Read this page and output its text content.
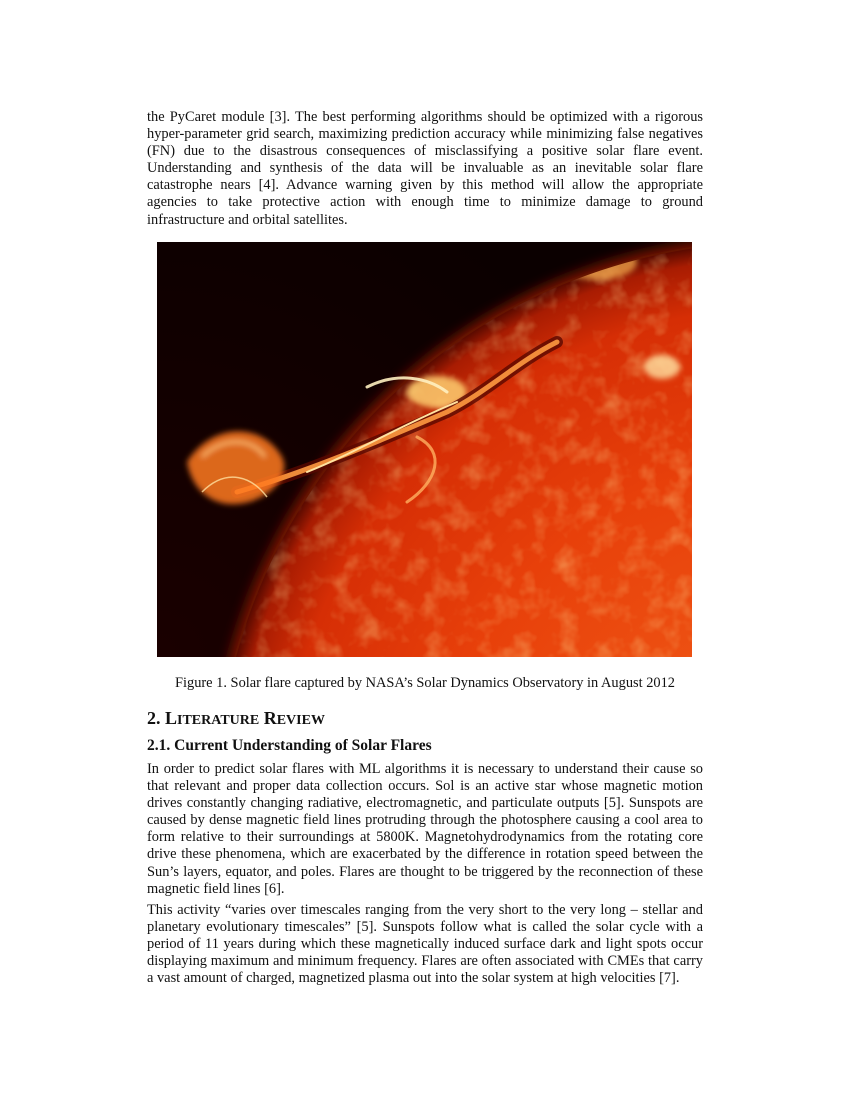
the PyCaret module [3]. The best performing algorithms should be optimized with a rigorous hyper-parameter grid search, maximizing prediction accuracy while minimizing false negatives (FN) due to the disastrous consequences of misclassifying a positive solar flare event. Understanding and synthesis of the data will be invaluable as an inevitable solar flare catastrophe nears [4]. Advance warning given by this method will allow the appropriate agencies to take protective action with enough time to minimize damage to ground infrastructure and orbital satellites.

Figure 1. Solar flare captured by NASA’s Solar Dynamics Observatory in August 2012

2. LITERATURE REVIEW
2.1. Current Understanding of Solar Flares

In order to predict solar flares with ML algorithms it is necessary to understand their cause so that relevant and proper data collection occurs. Sol is an active star whose magnetic motion drives constantly changing radiative, electromagnetic, and particulate outputs [5]. Sunspots are caused by dense magnetic field lines protruding through the photosphere causing a cool area to form relative to their surroundings at 5800K. Magnetohydrodynamics from the rotating core drive these phenomena, which are exacerbated by the difference in rotation speed between the Sun’s layers, equator, and poles. Flares are thought to be triggered by the reconnection of these magnetic field lines [6].

This activity “varies over timescales ranging from the very short to the very long – stellar and planetary evolutionary timescales” [5]. Sunspots follow what is called the solar cycle with a period of 11 years during which these magnetically induced surface dark and light spots occur displaying maximum and minimum frequency. Flares are often associated with CMEs that carry a vast amount of charged, magnetized plasma out into the solar system at high velocities [7].
